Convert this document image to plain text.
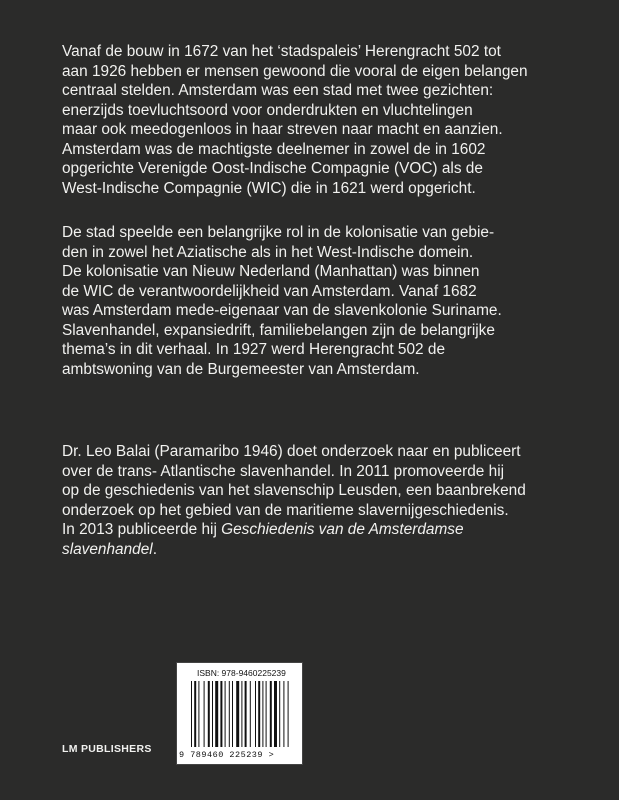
Vanaf de bouw in 1672 van het ‘stadspaleis’ Herengracht 502 tot
aan 1926 hebben er mensen gewoond die vooral de eigen belangen
centraal stelden. Amsterdam was een stad met twee gezichten:
enerzijds toevluchtsoord voor onderdrukten en vluchtelingen
maar ook meedogenloos in haar streven naar macht en aanzien.
Amsterdam was de machtigste deelnemer in zowel de in 1602
opgerichte Verenigde Oost-Indische Compagnie (VOC) als de
West-Indische Compagnie (WIC) die in 1621 werd opgericht.
De stad speelde een belangrijke rol in de kolonisatie van gebie-
den in zowel het Aziatische als in het West-Indische domein.
De kolonisatie van Nieuw Nederland (Manhattan) was binnen
de WIC de verantwoordelijkheid van Amsterdam. Vanaf 1682
was Amsterdam mede-eigenaar van de slavenkolonie Suriname.
Slavenhandel, expansiedrift, familiebelangen zijn de belangrijke
thema’s in dit verhaal. In 1927 werd Herengracht 502 de
ambtswoning van de Burgemeester van Amsterdam.
Dr. Leo Balai (Paramaribo 1946) doet onderzoek naar en publiceert
over de trans- Atlantische slavenhandel. In 2011 promoveerde hij
op de geschiedenis van het slavenschip Leusden, een baanbrekend
onderzoek op het gebied van de maritieme slavernijgeschiedenis.
In 2013 publiceerde hij Geschiedenis van de Amsterdamse
slavenhandel.
LM PUBLISHERS
ISBN: 978-9460225239
9 789460 225239 >
